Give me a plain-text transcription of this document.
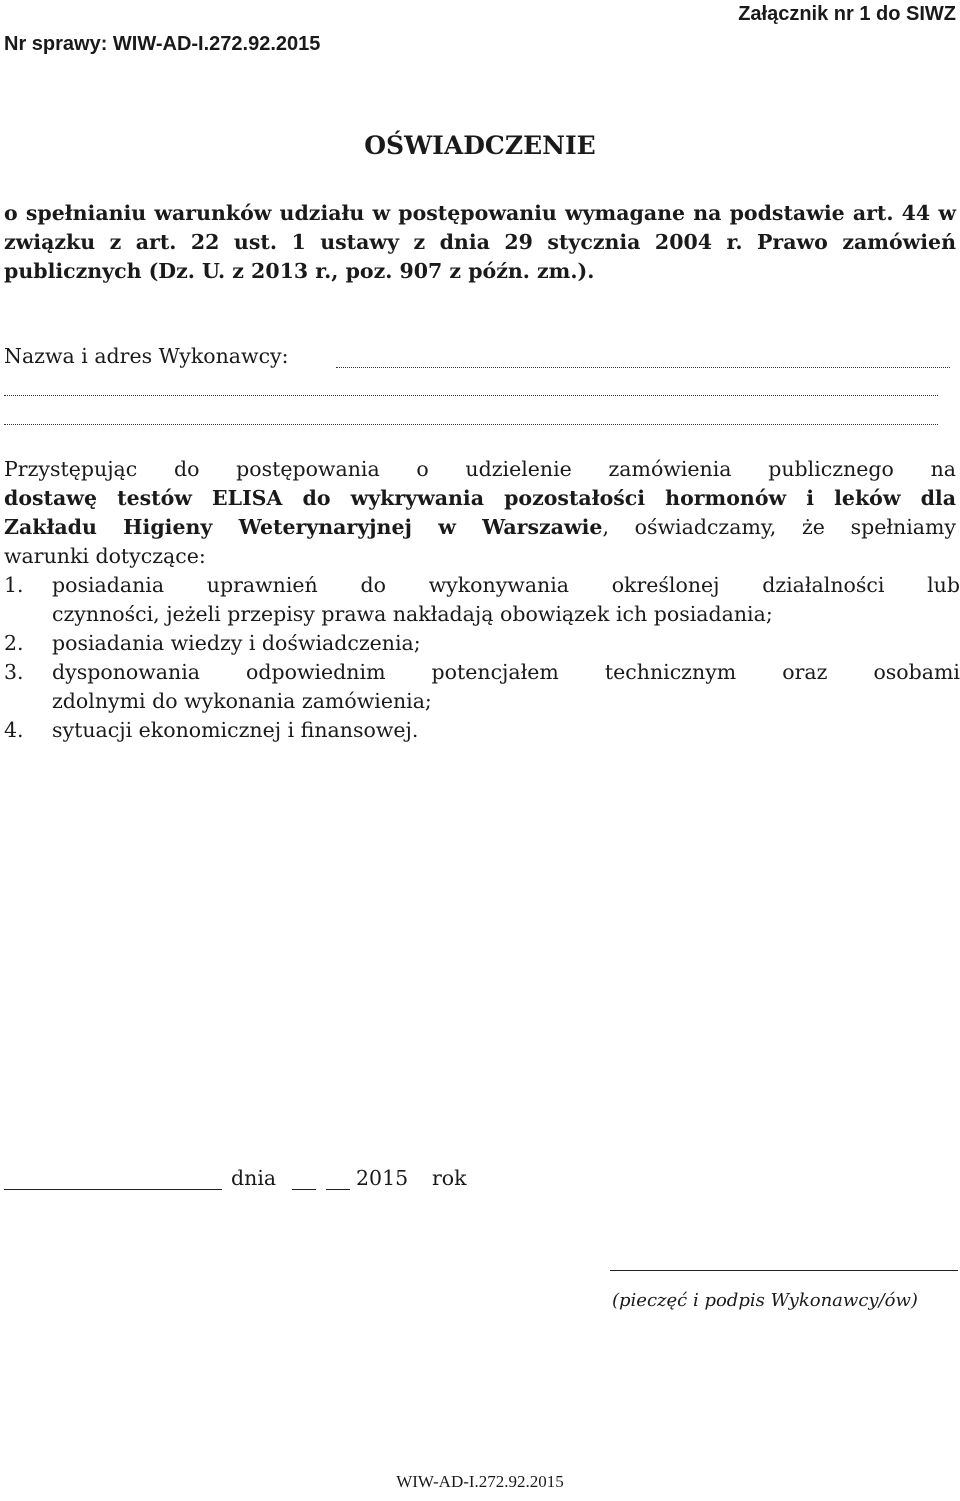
Nr sprawy: WIW-AD-I.272.92.2015
Załącznik nr 1 do SIWZ
OŚWIADCZENIE
o spełnianiu warunków udziału w postępowaniu wymagane na podstawie art. 44 w związku z art. 22 ust. 1 ustawy z dnia 29 stycznia 2004 r. Prawo zamówień publicznych (Dz. U. z 2013 r., poz. 907 z późn. zm.).
Nazwa i adres Wykonawcy:
Przystępując do postępowania o udzielenie zamówienia publicznego na
dostawę testów ELISA do wykrywania pozostałości hormonów i leków dla
Zakładu Higieny Weterynaryjnej w Warszawie, oświadczamy, że spełniamy
warunki dotyczące:
1. posiadania uprawnień do wykonywania określonej działalności lub
czynności, jeżeli przepisy prawa nakładają obowiązek ich posiadania;
2. posiadania wiedzy i doświadczenia;
3. dysponowania odpowiednim potencjałem technicznym oraz osobami
zdolnymi do wykonania zamówienia;
4. sytuacji ekonomicznej i finansowej.
dnia	2015 rok
(pieczęć i podpis Wykonawcy/ów)
WIW-AD-I.272.92.2015
